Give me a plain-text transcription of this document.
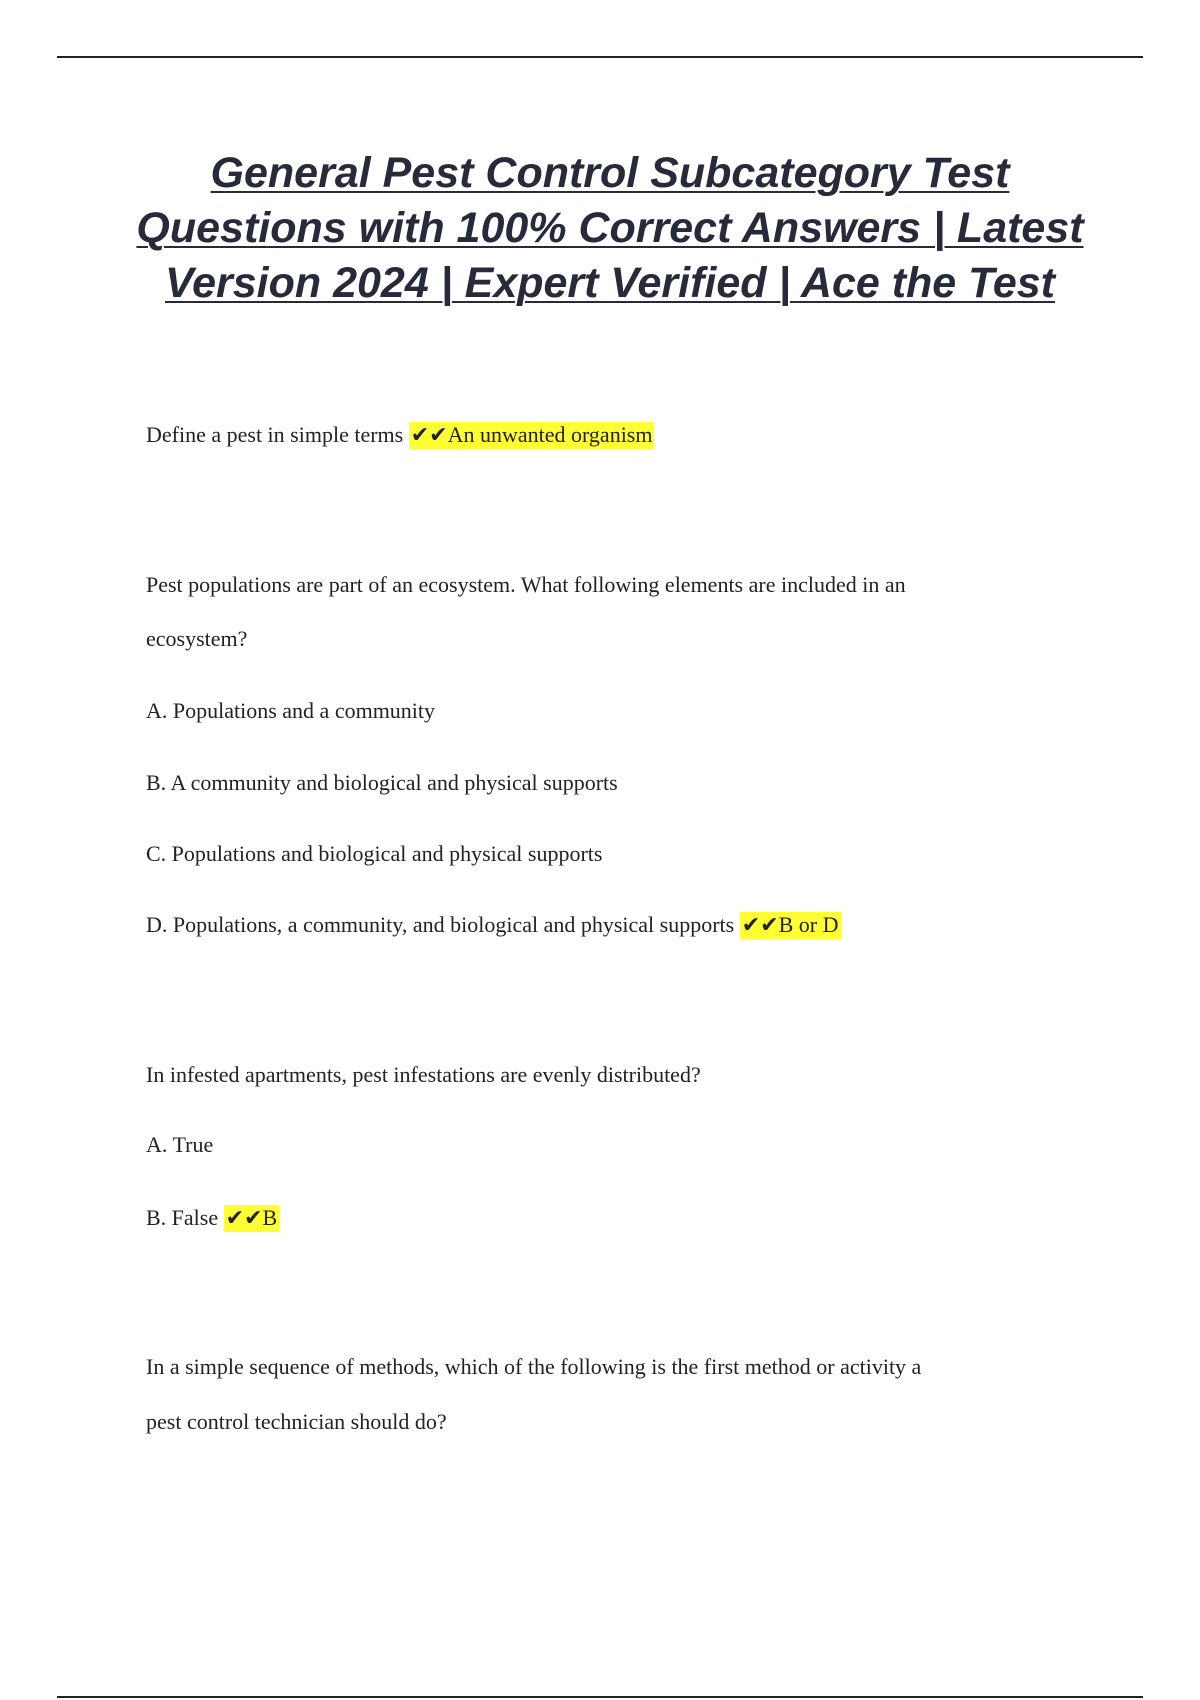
General Pest Control Subcategory Test Questions with 100% Correct Answers | Latest Version 2024 | Expert Verified | Ace the Test

Define a pest in simple terms ✔✔An unwanted organism

Pest populations are part of an ecosystem. What following elements are included in an

ecosystem?

A. Populations and a community

B. A community and biological and physical supports

C. Populations and biological and physical supports

D. Populations, a community, and biological and physical supports ✔✔B or D

In infested apartments, pest infestations are evenly distributed?

A. True

B. False ✔✔B

In a simple sequence of methods, which of the following is the first method or activity a

pest control technician should do?
